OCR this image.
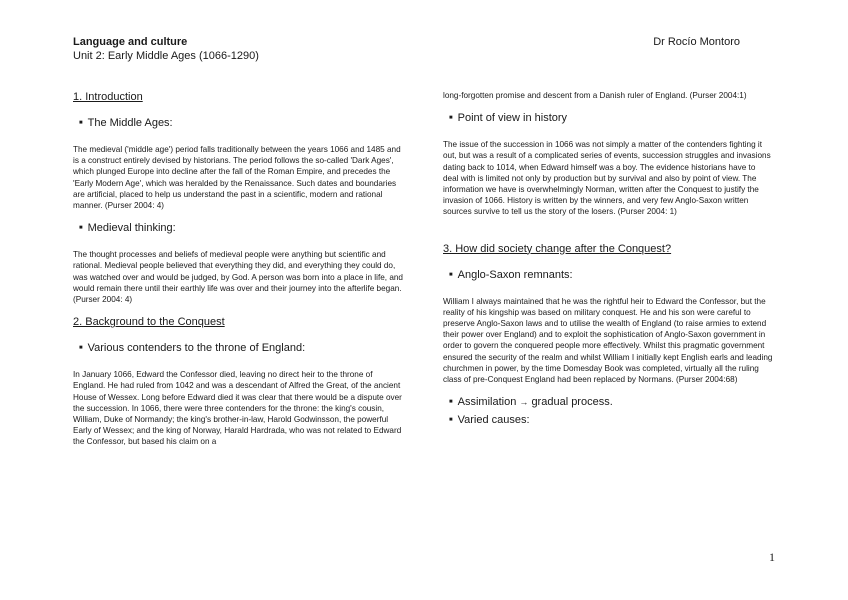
Language and culture
Unit 2: Early Middle Ages (1066-1290)
Dr Rocío Montoro
1. Introduction
■ The Middle Ages:
The medieval ('middle age') period falls traditionally between the years 1066 and 1485 and is a construct entirely devised by historians. The period follows the so-called 'Dark Ages', which plunged Europe into decline after the fall of the Roman Empire, and precedes the 'Early Modern Age', which was heralded by the Renaissance. Such dates and boundaries are artificial, placed to help us understand the past in a scientific, modern and rational manner. (Purser 2004: 4)
■ Medieval thinking:
The thought processes and beliefs of medieval people were anything but scientific and rational. Medieval people believed that everything they did, and everything they could do, was watched over and would be judged, by God. A person was born into a place in life, and would remain there until their earthly life was over and their journey into the afterlife began. (Purser 2004: 4)
2. Background to the Conquest
■ Various contenders to the throne of England:
In January 1066, Edward the Confessor died, leaving no direct heir to the throne of England. He had ruled from 1042 and was a descendant of Alfred the Great, of the ancient House of Wessex. Long before Edward died it was clear that there would be a dispute over the succession. In 1066, there were three contenders for the throne: the king's cousin, William, Duke of Normandy; the king's brother-in-law, Harold Godwinsson, the powerful Early of Wessex; and the king of Norway, Harald Hardrada, who was not related to Edward the Confessor, but based his claim on a
long-forgotten promise and descent from a Danish ruler of England. (Purser 2004:1)
■ Point of view in history
The issue of the succession in 1066 was not simply a matter of the contenders fighting it out, but was a result of a complicated series of events, succession struggles and invasions dating back to 1014, when Edward himself was a boy. The evidence historians have to deal with is limited not only by production but by survival and also by point of view. The information we have is overwhelmingly Norman, written after the Conquest to justify the invasion of 1066. History is written by the winners, and very few Anglo-Saxon written sources survive to tell us the story of the losers. (Purser 2004: 1)
3. How did society change after the Conquest?
■ Anglo-Saxon remnants:
William I always maintained that he was the rightful heir to Edward the Confessor, but the reality of his kingship was based on military conquest. He and his son were careful to preserve Anglo-Saxon laws and to utilise the wealth of England (to raise armies to extend their power over England) and to exploit the sophistication of Anglo-Saxon government in order to govern the conquered people more effectively. Whilst this pragmatic government ensured the security of the realm and whilst William I initially kept English earls and leading churchmen in power, by the time Domesday Book was completed, virtually all the ruling class of pre-Conquest England had been replaced by Normans. (Purser 2004:68)
■ Assimilation
→
gradual process.
■ Varied causes:
1
